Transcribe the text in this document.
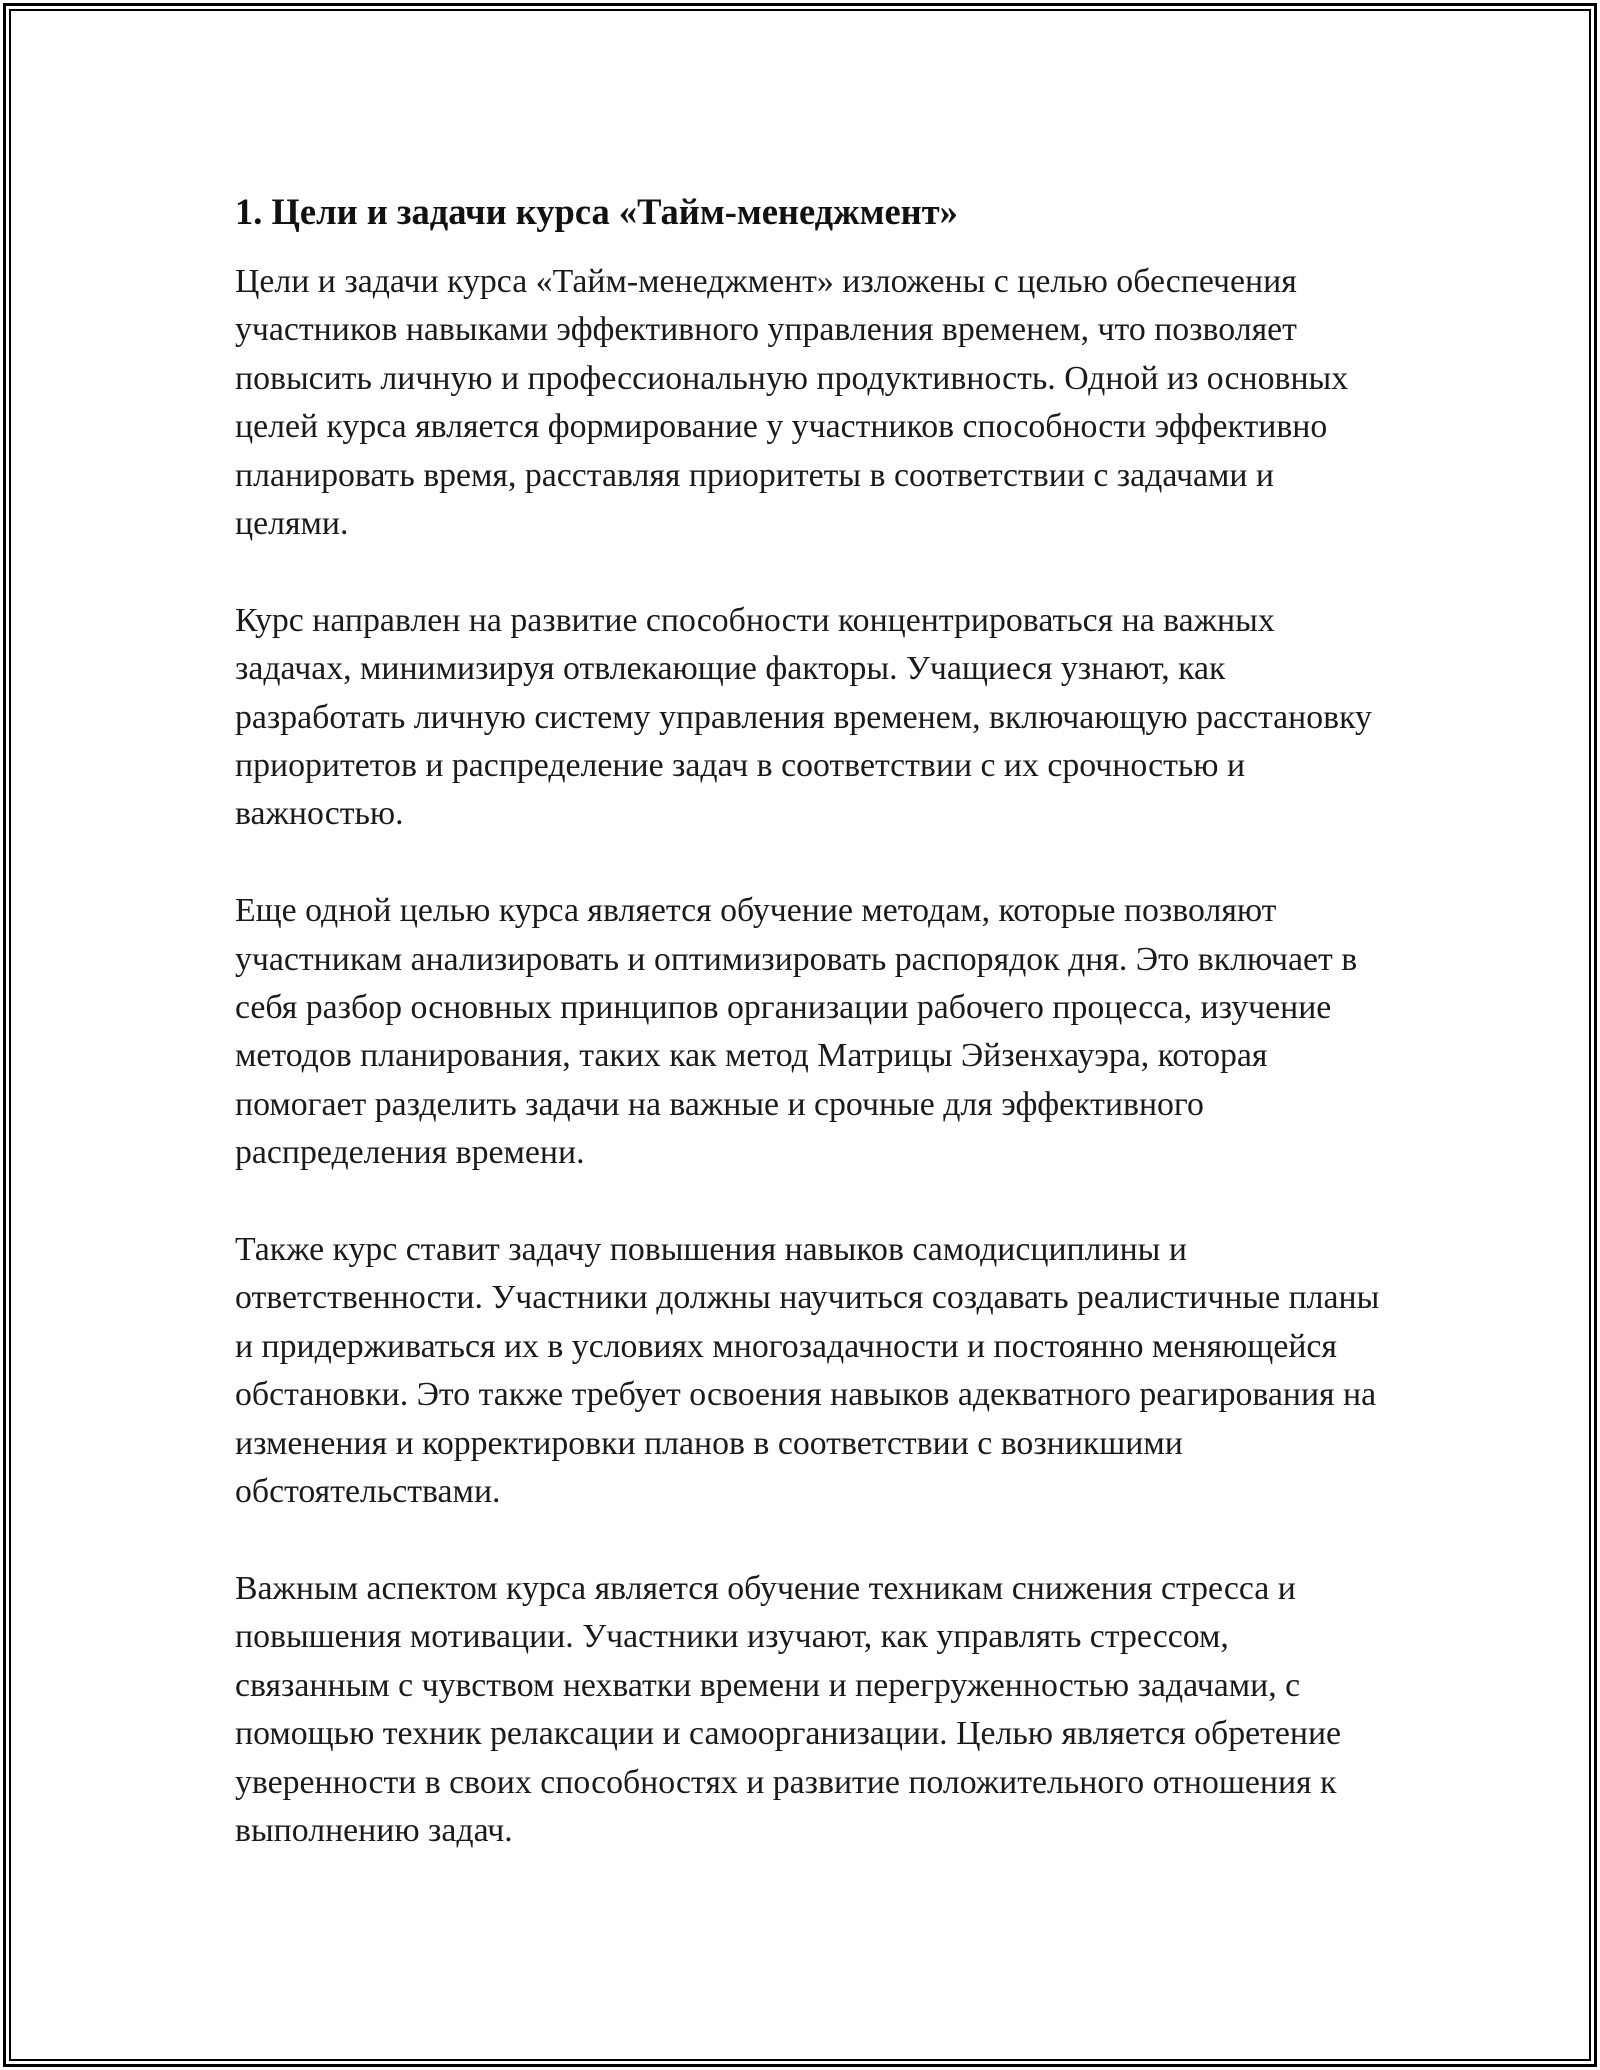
1. Цели и задачи курса «Тайм-менеджмент»

Цели и задачи курса «Тайм-менеджмент» изложены с целью обеспечения участников навыками эффективного управления временем, что позволяет повысить личную и профессиональную продуктивность. Одной из основных целей курса является формирование у участников способности эффективно планировать время, расставляя приоритеты в соответствии с задачами и целями.

Курс направлен на развитие способности концентрироваться на важных задачах, минимизируя отвлекающие факторы. Учащиеся узнают, как разработать личную систему управления временем, включающую расстановку приоритетов и распределение задач в соответствии с их срочностью и важностью.

Еще одной целью курса является обучение методам, которые позволяют участникам анализировать и оптимизировать распорядок дня. Это включает в себя разбор основных принципов организации рабочего процесса, изучение методов планирования, таких как метод Матрицы Эйзенхауэра, которая помогает разделить задачи на важные и срочные для эффективного распределения времени.

Также курс ставит задачу повышения навыков самодисциплины и ответственности. Участники должны научиться создавать реалистичные планы и придерживаться их в условиях многозадачности и постоянно меняющейся обстановки. Это также требует освоения навыков адекватного реагирования на изменения и корректировки планов в соответствии с возникшими обстоятельствами.

Важным аспектом курса является обучение техникам снижения стресса и повышения мотивации. Участники изучают, как управлять стрессом, связанным с чувством нехватки времени и перегруженностью задачами, с помощью техник релаксации и самоорганизации. Целью является обретение уверенности в своих способностях и развитие положительного отношения к выполнению задач.
